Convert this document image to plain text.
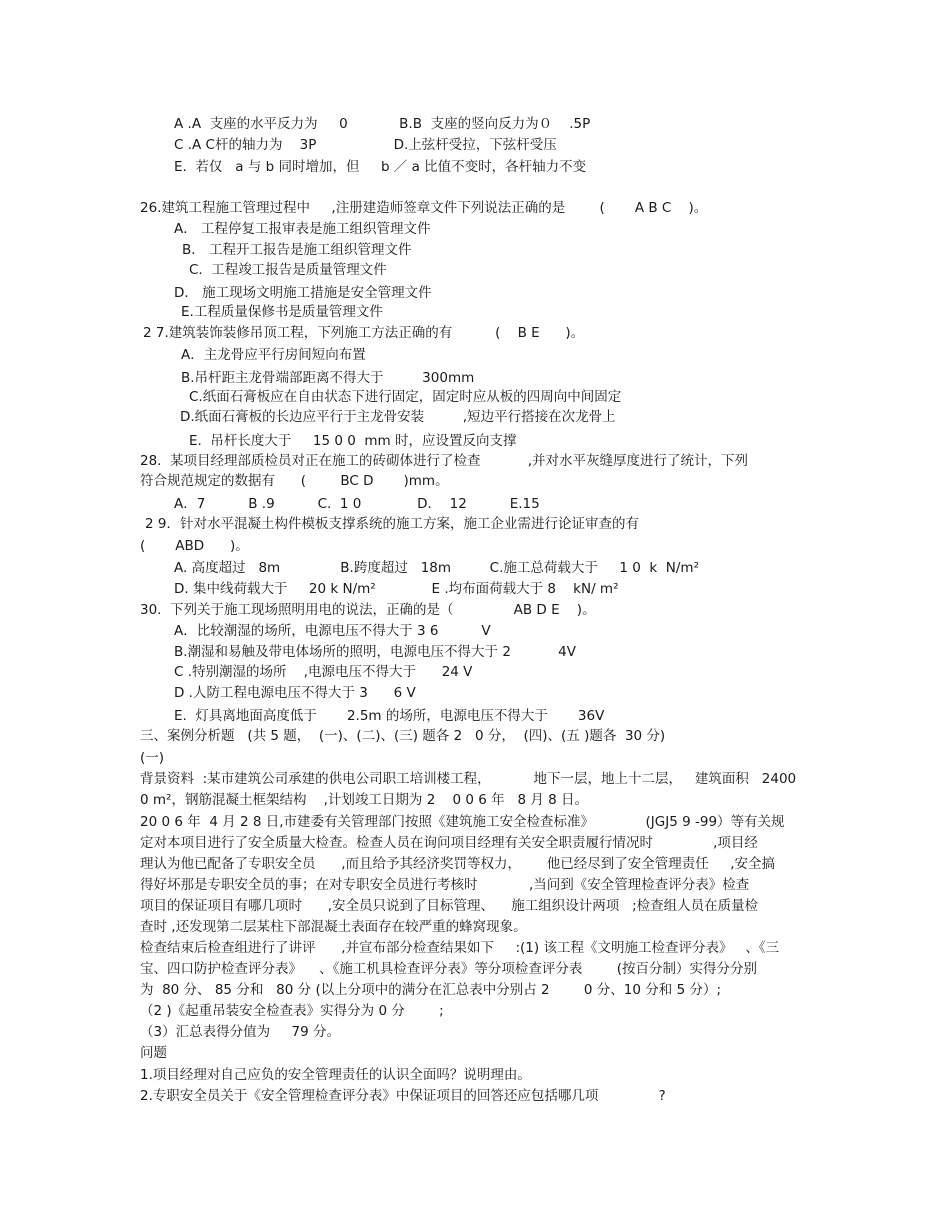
A .A  支座的水平反力为     0            B.B  支座的竖向反力为０    .5P
C .A C杆的轴力为    3P                  D.上弦杆受拉，下弦杆受压
E.  若仅   a 与 b 同时增加，但     b ／ a 比值不变时，各杆轴力不变
26.建筑工程施工管理过程中     ,注册建造师签章文件下列说法正确的是        (       A B C    )。
A． 工程停复工报审表是施工组织管理文件
B． 工程开工报告是施工组织管理文件
C.  工程竣工报告是质量管理文件
D． 施工现场文明施工措施是安全管理文件
E.工程质量保修书是质量管理文件
2 7.建筑装饰装修吊顶工程，下列施工方法正确的有          (    B E      )。
A．主龙骨应平行房间短向布置
B.吊杆距主龙骨端部距离不得大于         300mm
C.纸面石膏板应在自由状态下进行固定，固定时应从板的四周向中间固定
D.纸面石膏板的长边应平行于主龙骨安装         ,短边平行搭接在次龙骨上
E.  吊杆长度大于     15 0 0  mm 时，应设置反向支撑
28.  某项目经理部质检员对正在施工的砖砌体进行了检查           ,并对水平灰缝厚度进行了统计，下列
符合规范规定的数据有      (        BC D       )mm。
A．7          B .9          C.  1 0             D．  12          E.15
2 9．针对水平混凝土构件模板支撑系统的施工方案，施工企业需进行论证审查的有
(       ABD      )。
A. 高度超过   8m              B.跨度超过   18m         C.施工总荷载大于     1 0  k  N/m²
D. 集中线荷载大于     20 k N/m²             E .均布面荷载大于 8    kN/ m²
30.  下列关于施工现场照明用电的说法，正确的是（              AB D E    )。
A．比较潮湿的场所，电源电压不得大于 3 6          V
B.潮湿和易触及带电体场所的照明，电源电压不得大于 2           4V
C .特别潮湿的场所    ,电源电压不得大于      24 V
D .人防工程电源电压不得大于 3      6 V
E.  灯具离地面高度低于       2.5m 的场所，电源电压不得大于       36V
三、案例分析题   (共 5 题，  (一)、(二)、(三) 题各 2   0 分，  (四)、(五 )题各  30 分)
(一)
背景资料  :某市建筑公司承建的供电公司职工培训楼工程，          地下一层，地上十二层，   建筑面积   2400
0 m²，钢筋混凝土框架结构    ,计划竣工日期为 2    0 0 6 年   8 月 8 日。
20 0 6 年  4 月 2 8 日,市建委有关管理部门按照《建筑施工安全检查标准》            (JGJ5 9 -99）等有关规
定对本项目进行了安全质量大检查。检查人员在询问项目经理有关安全职责履行情况时              ,项目经
理认为他已配备了专职安全员      ,而且给予其经济奖罚等权力，      他已经尽到了安全管理责任     ,安全搞
得好坏那是专职安全员的事；在对专职安全员进行考核时            ,当问到《安全管理检查评分表》检查
项目的保证项目有哪几项时      ,安全员只说到了目标管理、    施工组织设计两项   ;检查组人员在质量检
查时 ,还发现第二层某柱下部混凝土表面存在较严重的蜂窝现象。
检查结束后检查组进行了讲评      ,并宣布部分检查结果如下     :(1) 该工程《文明施工检查评分表》   、《三
宝、四口防护检查评分表》    、《施工机具检查评分表》等分项检查评分表        (按百分制）实得分分别
为  80 分、 85 分和   80 分 (以上分项中的满分在汇总表中分别占 2        0 分、10 分和 5 分）;
（2 )《起重吊装安全检查表》实得分为 0 分        ;
（3）汇总表得分值为     79 分。
问题
1.项目经理对自己应负的安全管理责任的认识全面吗？说明理由。
2.专职安全员关于《安全管理检查评分表》中保证项目的回答还应包括哪几项              ?
